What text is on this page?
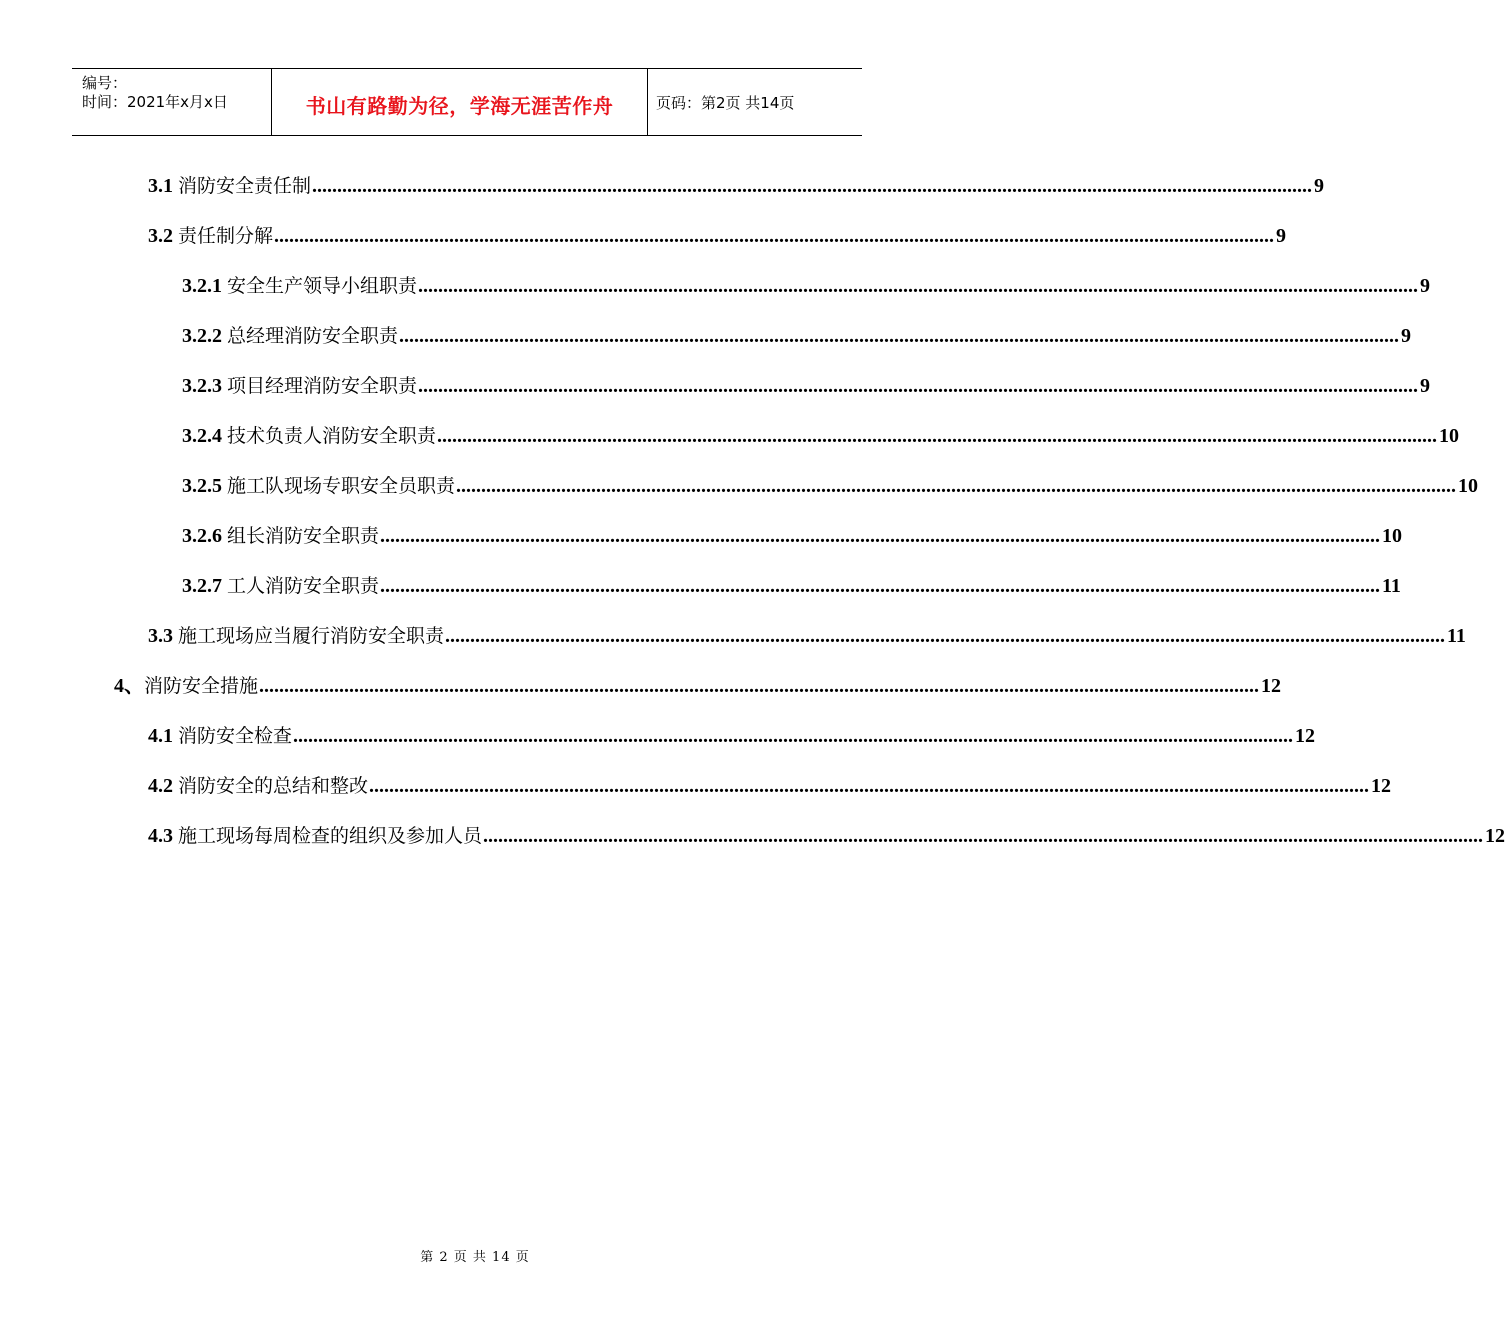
编号：
时间：2021年x月x日	书山有路勤为径，学海无涯苦作舟	页码：第2页 共14页
3.1 消防安全责任制 ........................................................................................................................................................................................................ 9
3.2 责任制分解 ........................................................................................................................................................................................................ 9
3.2.1 安全生产领导小组职责 ........................................................................................................................................................................................................ 9
3.2.2 总经理消防安全职责 ........................................................................................................................................................................................................ 9
3.2.3 项目经理消防安全职责 ........................................................................................................................................................................................................ 9
3.2.4 技术负责人消防安全职责 ........................................................................................................................................................................................................ 10
3.2.5 施工队现场专职安全员职责 ........................................................................................................................................................................................................ 10
3.2.6 组长消防安全职责 ........................................................................................................................................................................................................ 10
3.2.7 工人消防安全职责 ........................................................................................................................................................................................................ 11
3.3 施工现场应当履行消防安全职责 ........................................................................................................................................................................................................ 11
4、 消防安全措施 ........................................................................................................................................................................................................ 12
4.1 消防安全检查 ........................................................................................................................................................................................................ 12
4.2 消防安全的总结和整改 ........................................................................................................................................................................................................ 12
4.3 施工现场每周检查的组织及参加人员 ........................................................................................................................................................................................................ 12
第 2 页 共 14 页
